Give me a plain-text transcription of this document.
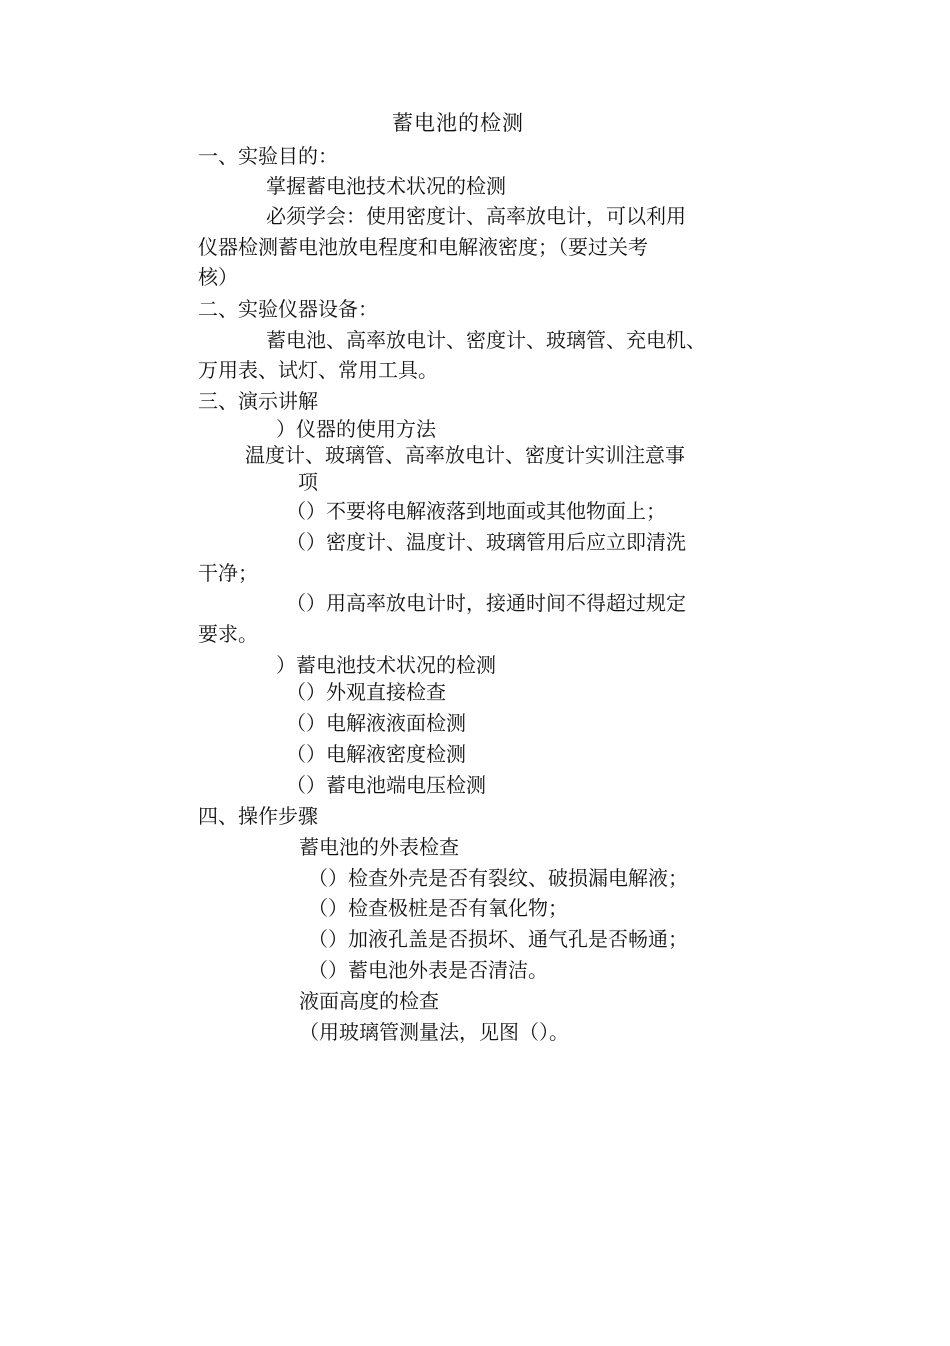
蓄电池的检测
一、实验目的：
掌握蓄电池技术状况的检测
必须学会：使用密度计、高率放电计，可以利用
仪器检测蓄电池放电程度和电解液密度；（要过关考
核）
二、实验仪器设备：
蓄电池、高率放电计、密度计、玻璃管、充电机、
万用表、试灯、常用工具。
三、演示讲解
）仪器的使用方法
温度计、玻璃管、高率放电计、密度计实训注意事
项
（）不要将电解液落到地面或其他物面上；
（）密度计、温度计、玻璃管用后应立即清洗
干净；
（）用高率放电计时，接通时间不得超过规定
要求。
）蓄电池技术状况的检测
（）外观直接检查
（）电解液液面检测
（）电解液密度检测
（）蓄电池端电压检测
四、操作步骤
蓄电池的外表检查
（）检查外壳是否有裂纹、破损漏电解液；
（）检查极桩是否有氧化物；
（）加液孔盖是否损坏、通气孔是否畅通；
（）蓄电池外表是否清洁。
液面高度的检查
（用玻璃管测量法，见图（）。
